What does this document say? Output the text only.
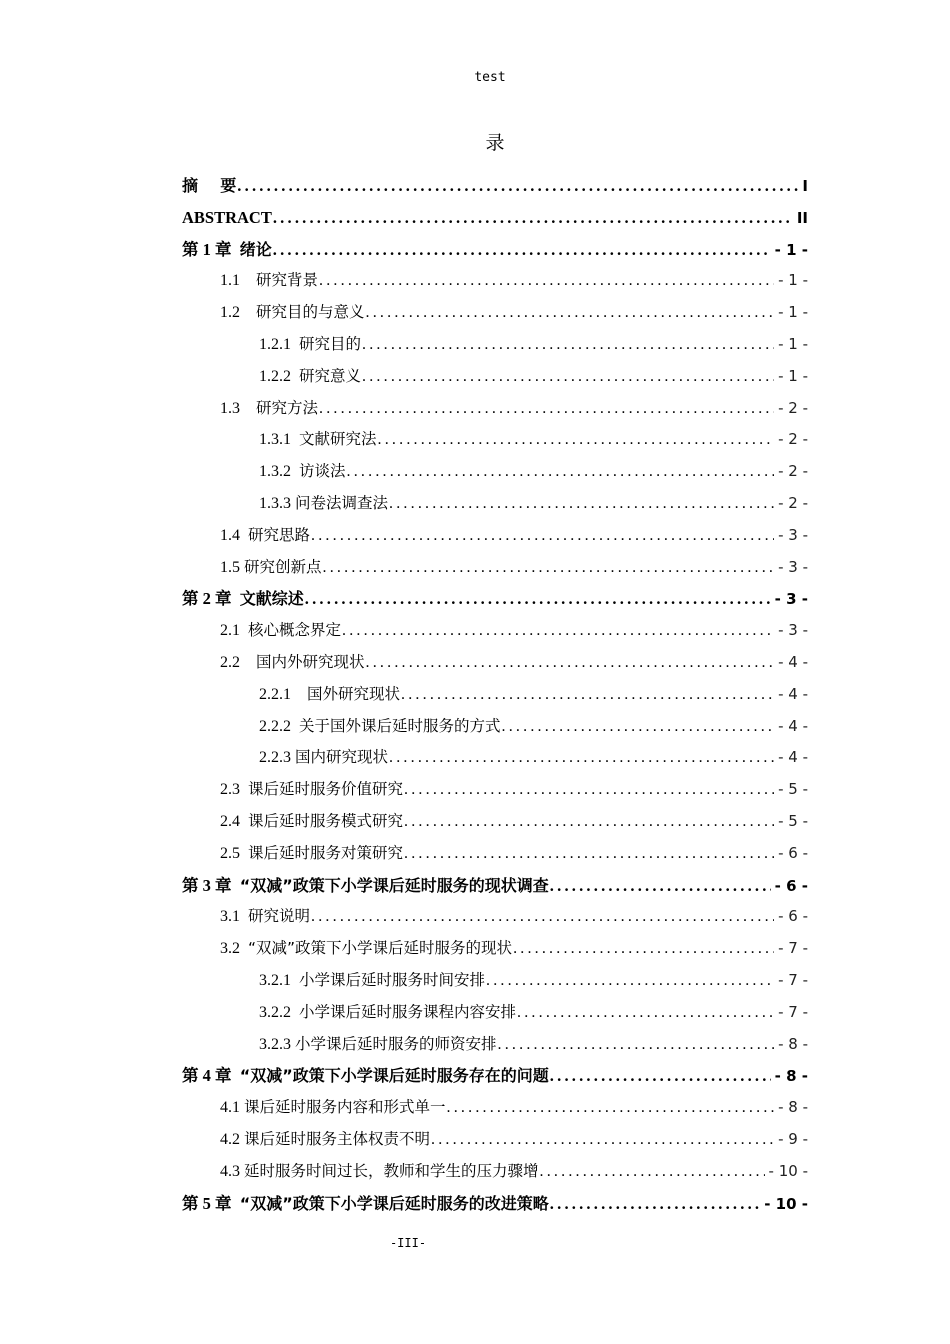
test
录
摘    要 .....	I
ABSTRACT .....	II
第 1 章 绪论 .....	- 1 -
1.1 研究背景 .....	- 1 -
1.2 研究目的与意义 .....	- 1 -
1.2.1 研究目的 .....	- 1 -
1.2.2 研究意义 .....	- 1 -
1.3 研究方法 .....	- 2 -
1.3.1 文献研究法 .....	- 2 -
1.3.2 访谈法 .....	- 2 -
1.3.3 问卷法调查法 .....	- 2 -
1.4 研究思路 .....	- 3 -
1.5 研究创新点 .....	- 3 -
第 2 章 文献综述 .....	- 3 -
2.1 核心概念界定 .....	- 3 -
2.2 国内外研究现状 .....	- 4 -
2.2.1 国外研究现状 .....	- 4 -
2.2.2 关于国外课后延时服务的方式 .....	- 4 -
2.2.3 国内研究现状 .....	- 4 -
2.3 课后延时服务价值研究 .....	- 5 -
2.4 课后延时服务模式研究 .....	- 5 -
2.5 课后延时服务对策研究 .....	- 6 -
第 3 章 “双减”政策下小学课后延时服务的现状调查 .....	- 6 -
3.1 研究说明 .....	- 6 -
3.2 “双减”政策下小学课后延时服务的现状 .....	- 7 -
3.2.1 小学课后延时服务时间安排 .....	- 7 -
3.2.2 小学课后延时服务课程内容安排 .....	- 7 -
3.2.3 小学课后延时服务的师资安排 .....	- 8 -
第 4 章 “双减”政策下小学课后延时服务存在的问题 .....	- 8 -
4.1 课后延时服务内容和形式单一 .....	- 8 -
4.2 课后延时服务主体权责不明 .....	- 9 -
4.3 延时服务时间过长，教师和学生的压力骤增 .....	- 10 -
第 5 章 “双减”政策下小学课后延时服务的改进策略 .....	- 10 -
-III-
